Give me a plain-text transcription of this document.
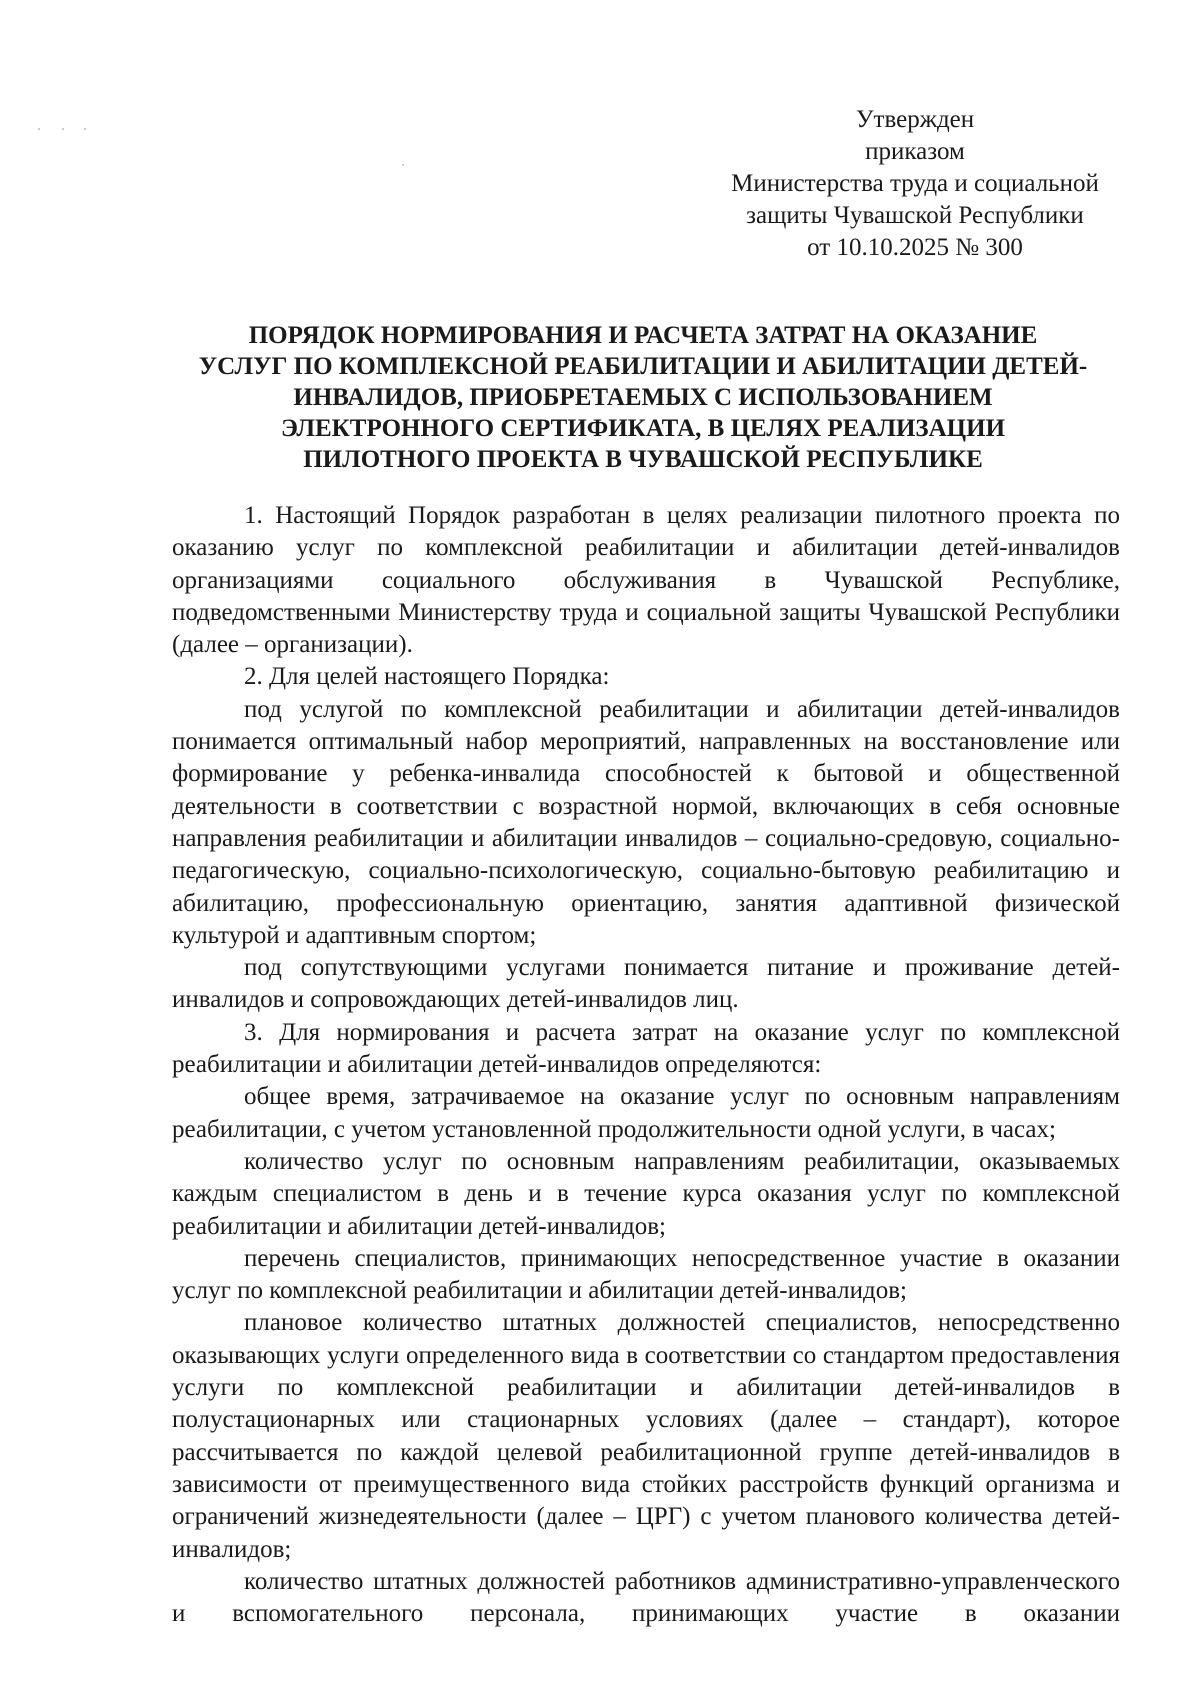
Утвержден
приказом
Министерства труда и социальной
защиты Чувашской Республики
от 10.10.2025 № 300
ПОРЯДОК НОРМИРОВАНИЯ И РАСЧЕТА ЗАТРАТ НА ОКАЗАНИЕ
УСЛУГ ПО КОМПЛЕКСНОЙ РЕАБИЛИТАЦИИ И АБИЛИТАЦИИ ДЕТЕЙ-
ИНВАЛИДОВ, ПРИОБРЕТАЕМЫХ С ИСПОЛЬЗОВАНИЕМ
ЭЛЕКТРОННОГО СЕРТИФИКАТА, В ЦЕЛЯХ РЕАЛИЗАЦИИ
ПИЛОТНОГО ПРОЕКТА В ЧУВАШСКОЙ РЕСПУБЛИКЕ

1. Настоящий Порядок разработан в целях реализации пилотного проекта по оказанию услуг по комплексной реабилитации и абилитации детей-инвалидов организациями социального обслуживания в Чувашской Республике, подведомственными Министерству труда и социальной защиты Чувашской Республики (далее – организации).

2. Для целей настоящего Порядка:

под услугой по комплексной реабилитации и абилитации детей-инвалидов понимается оптимальный набор мероприятий, направленных на восстановление или формирование у ребенка-инвалида способностей к бытовой и общественной деятельности в соответствии с возрастной нормой, включающих в себя основные направления реабилитации и абилитации инвалидов – социально-средовую, социально-педагогическую, социально-психологическую, социально-бытовую реабилитацию и абилитацию, профессиональную ориентацию, занятия адаптивной физической культурой и адаптивным спортом;

под сопутствующими услугами понимается питание и проживание детей-инвалидов и сопровождающих детей-инвалидов лиц.

3. Для нормирования и расчета затрат на оказание услуг по комплексной реабилитации и абилитации детей-инвалидов определяются:

общее время, затрачиваемое на оказание услуг по основным направлениям реабилитации, с учетом установленной продолжительности одной услуги, в часах;

количество услуг по основным направлениям реабилитации, оказываемых каждым специалистом в день и в течение курса оказания услуг по комплексной реабилитации и абилитации детей-инвалидов;

перечень специалистов, принимающих непосредственное участие в оказании услуг по комплексной реабилитации и абилитации детей-инвалидов;

плановое количество штатных должностей специалистов, непосредственно оказывающих услуги определенного вида в соответствии со стандартом предоставления услуги по комплексной реабилитации и абилитации детей-инвалидов в полустационарных или стационарных условиях (далее – стандарт), которое рассчитывается по каждой целевой реабилитационной группе детей-инвалидов в зависимости от преимущественного вида стойких расстройств функций организма и ограничений жизнедеятельности (далее – ЦРГ) с учетом планового количества детей-инвалидов;

количество штатных должностей работников административно-управленческого и вспомогательного персонала, принимающих участие в оказании
